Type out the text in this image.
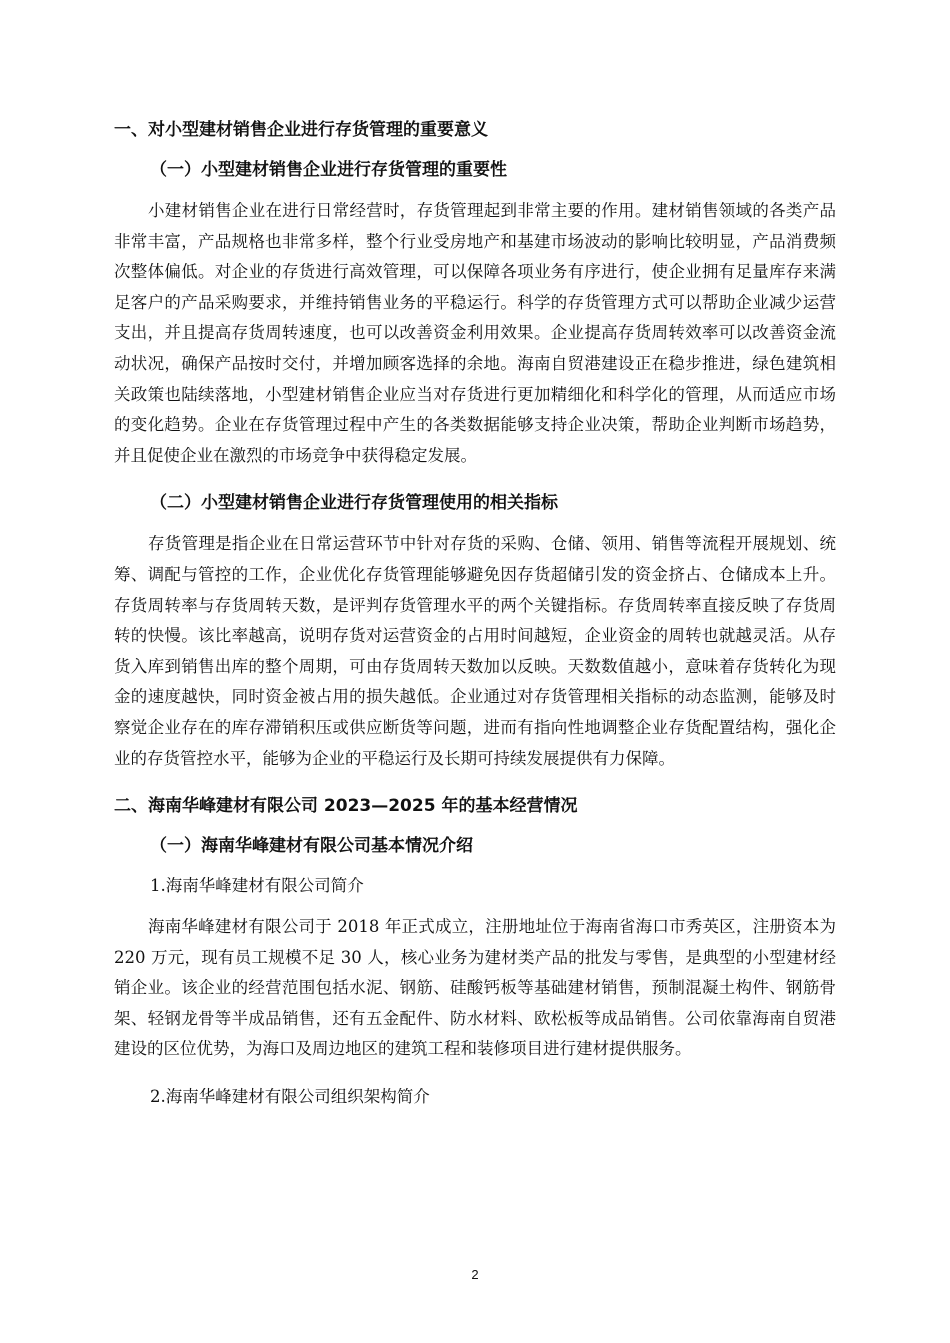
一、对小型建材销售企业进行存货管理的重要意义
（一）小型建材销售企业进行存货管理的重要性

小建材销售企业在进行日常经营时，存货管理起到非常主要的作用。建材销售领域的各类产品非常丰富，产品规格也非常多样，整个行业受房地产和基建市场波动的影响比较明显，产品消费频次整体偏低。对企业的存货进行高效管理，可以保障各项业务有序进行，使企业拥有足量库存来满足客户的产品采购要求，并维持销售业务的平稳运行。科学的存货管理方式可以帮助企业减少运营支出，并且提高存货周转速度，也可以改善资金利用效果。企业提高存货周转效率可以改善资金流动状况，确保产品按时交付，并增加顾客选择的余地。海南自贸港建设正在稳步推进，绿色建筑相关政策也陆续落地，小型建材销售企业应当对存货进行更加精细化和科学化的管理，从而适应市场的变化趋势。企业在存货管理过程中产生的各类数据能够支持企业决策，帮助企业判断市场趋势，并且促使企业在激烈的市场竞争中获得稳定发展。

（二）小型建材销售企业进行存货管理使用的相关指标

存货管理是指企业在日常运营环节中针对存货的采购、仓储、领用、销售等流程开展规划、统筹、调配与管控的工作，企业优化存货管理能够避免因存货超储引发的资金挤占、仓储成本上升。存货周转率与存货周转天数，是评判存货管理水平的两个关键指标。存货周转率直接反映了存货周转的快慢。该比率越高，说明存货对运营资金的占用时间越短，企业资金的周转也就越灵活。从存货入库到销售出库的整个周期，可由存货周转天数加以反映。天数数值越小，意味着存货转化为现金的速度越快，同时资金被占用的损失越低。企业通过对存货管理相关指标的动态监测，能够及时察觉企业存在的库存滞销积压或供应断货等问题，进而有指向性地调整企业存货配置结构，强化企业的存货管控水平，能够为企业的平稳运行及长期可持续发展提供有力保障。

二、海南华峰建材有限公司 2023—2025 年的基本经营情况
（一）海南华峰建材有限公司基本情况介绍
1.海南华峰建材有限公司简介

海南华峰建材有限公司于 2018 年正式成立，注册地址位于海南省海口市秀英区，注册资本为 220 万元，现有员工规模不足 30 人，核心业务为建材类产品的批发与零售，是典型的小型建材经销企业。该企业的经营范围包括水泥、钢筋、硅酸钙板等基础建材销售，预制混凝土构件、钢筋骨架、轻钢龙骨等半成品销售，还有五金配件、防水材料、欧松板等成品销售。公司依靠海南自贸港建设的区位优势，为海口及周边地区的建筑工程和装修项目进行建材提供服务。

2.海南华峰建材有限公司组织架构简介
2
